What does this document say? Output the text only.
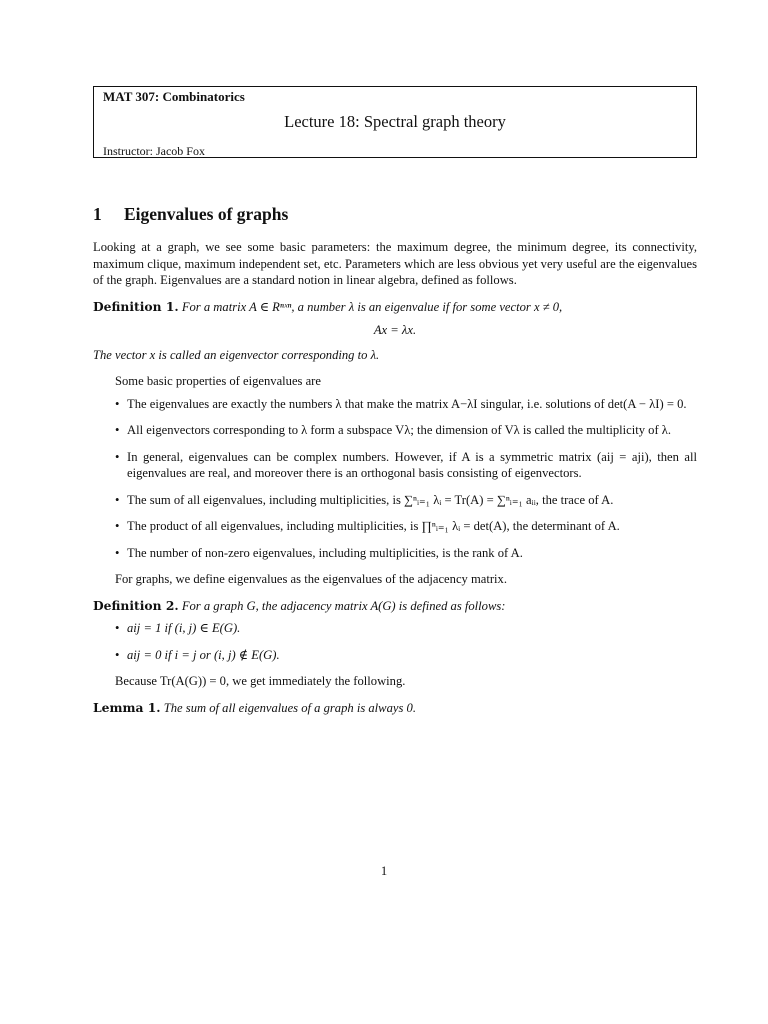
MAT 307: Combinatorics
Lecture 18: Spectral graph theory
Instructor: Jacob Fox
1 Eigenvalues of graphs

Looking at a graph, we see some basic parameters: the maximum degree, the minimum degree, its connectivity, maximum clique, maximum independent set, etc. Parameters which are less obvious yet very useful are the eigenvalues of the graph. Eigenvalues are a standard notion in linear algebra, defined as follows.

Definition 1. For a matrix A ∈ Rⁿˣⁿ, a number λ is an eigenvalue if for some vector x ≠ 0,

Ax = λx.

The vector x is called an eigenvector corresponding to λ.

Some basic properties of eigenvalues are

• The eigenvalues are exactly the numbers λ that make the matrix A−λI singular, i.e. solutions of det(A − λI) = 0.
• All eigenvectors corresponding to λ form a subspace Vλ; the dimension of Vλ is called the multiplicity of λ.
• In general, eigenvalues can be complex numbers. However, if A is a symmetric matrix (aij = aji), then all eigenvalues are real, and moreover there is an orthogonal basis consisting of eigenvectors.
• The sum of all eigenvalues, including multiplicities, is ∑ⁿᵢ₌₁ λᵢ = Tr(A) = ∑ⁿᵢ₌₁ aᵢᵢ, the trace of A.
• The product of all eigenvalues, including multiplicities, is ∏ⁿᵢ₌₁ λᵢ = det(A), the determinant of A.
• The number of non-zero eigenvalues, including multiplicities, is the rank of A.

For graphs, we define eigenvalues as the eigenvalues of the adjacency matrix.

Definition 2. For a graph G, the adjacency matrix A(G) is defined as follows:

• aij = 1 if (i, j) ∈ E(G).
• aij = 0 if i = j or (i, j) ∉ E(G).

Because Tr(A(G)) = 0, we get immediately the following.

Lemma 1. The sum of all eigenvalues of a graph is always 0.

1
